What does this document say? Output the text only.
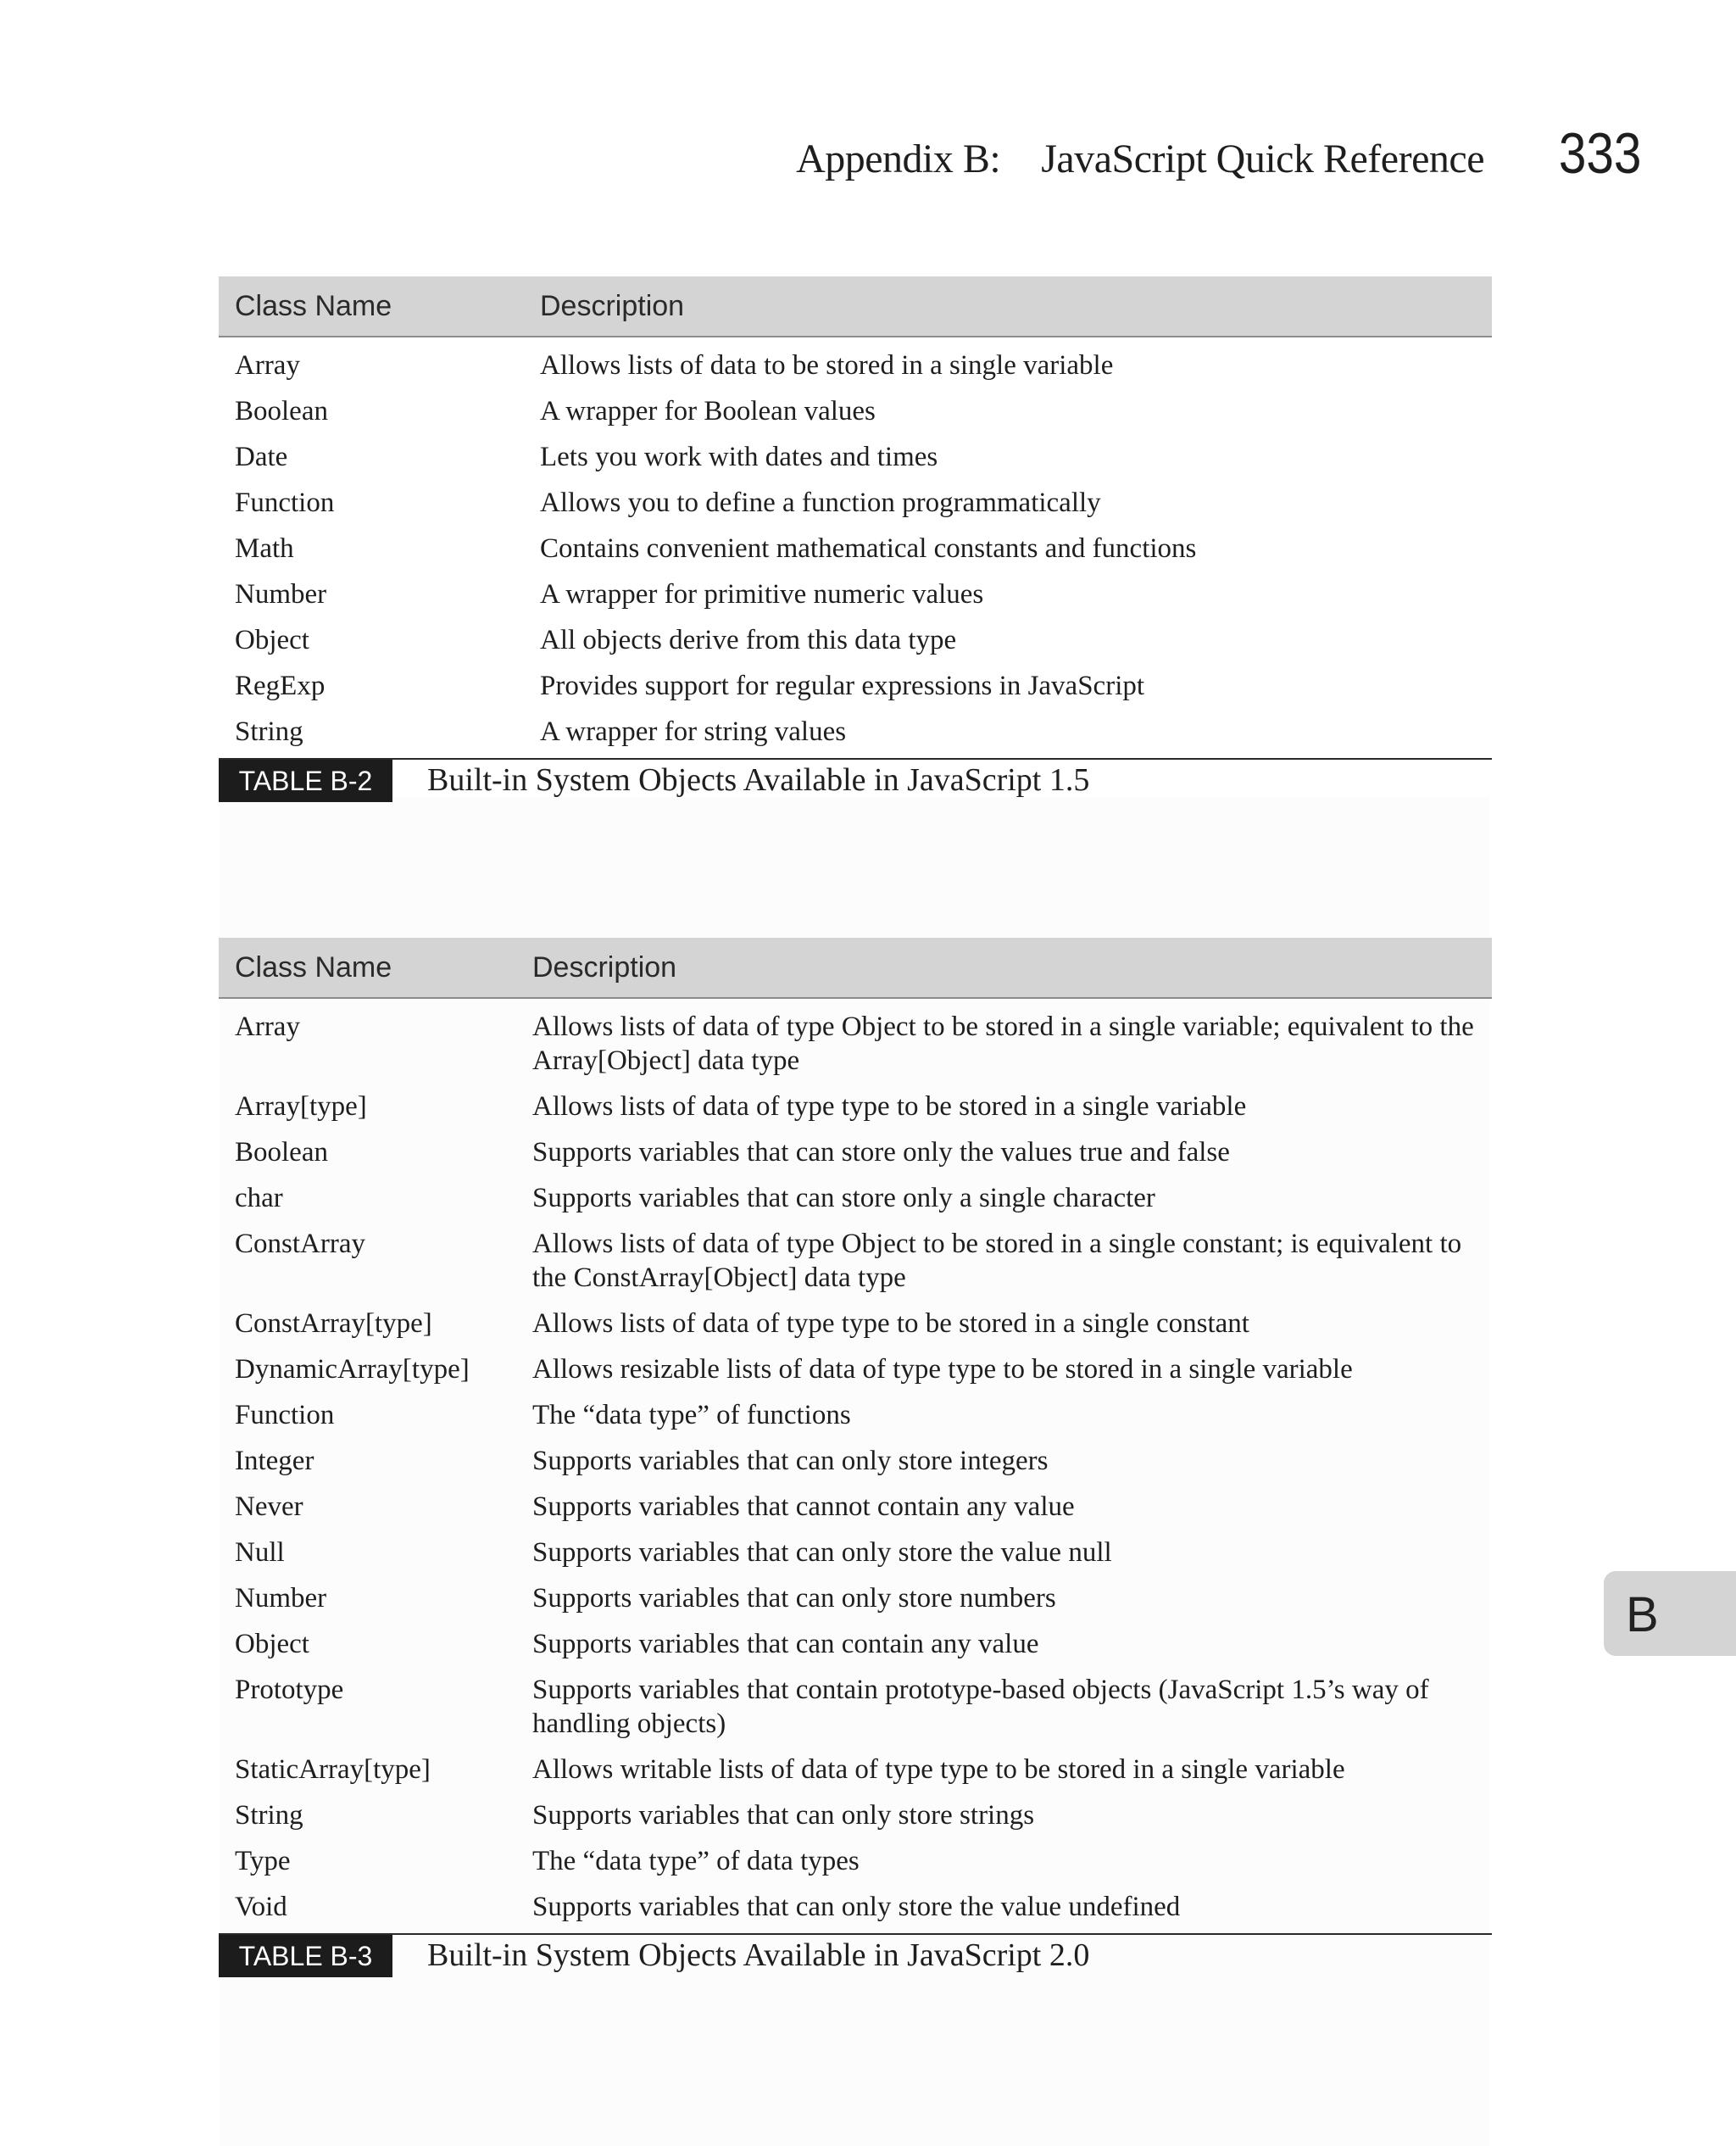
Appendix B: JavaScript Quick Reference 333
Class Name	Description
Array	Allows lists of data to be stored in a single variable
Boolean	A wrapper for Boolean values
Date	Lets you work with dates and times
Function	Allows you to define a function programmatically
Math	Contains convenient mathematical constants and functions
Number	A wrapper for primitive numeric values
Object	All objects derive from this data type
RegExp	Provides support for regular expressions in JavaScript
String	A wrapper for string values
TABLE B-2	Built-in System Objects Available in JavaScript 1.5
Class Name	Description
Array	Allows lists of data of type Object to be stored in a single variable; equivalent to the Array[Object] data type
Array[type]	Allows lists of data of type type to be stored in a single variable
Boolean	Supports variables that can store only the values true and false
char	Supports variables that can store only a single character
ConstArray	Allows lists of data of type Object to be stored in a single constant; is equivalent to the ConstArray[Object] data type
ConstArray[type]	Allows lists of data of type type to be stored in a single constant
DynamicArray[type] Allows resizable lists of data of type type to be stored in a single variable
Function	The “data type” of functions
Integer	Supports variables that can only store integers
Never	Supports variables that cannot contain any value
Null	Supports variables that can only store the value null
Number	Supports variables that can only store numbers
Object	Supports variables that can contain any value
Prototype	Supports variables that contain prototype-based objects (JavaScript 1.5’s way of handling objects)
StaticArray[type]	Allows writable lists of data of type type to be stored in a single variable
String	Supports variables that can only store strings
Type	The “data type” of data types
Void	Supports variables that can only store the value undefined
TABLE B-3	Built-in System Objects Available in JavaScript 2.0
B
